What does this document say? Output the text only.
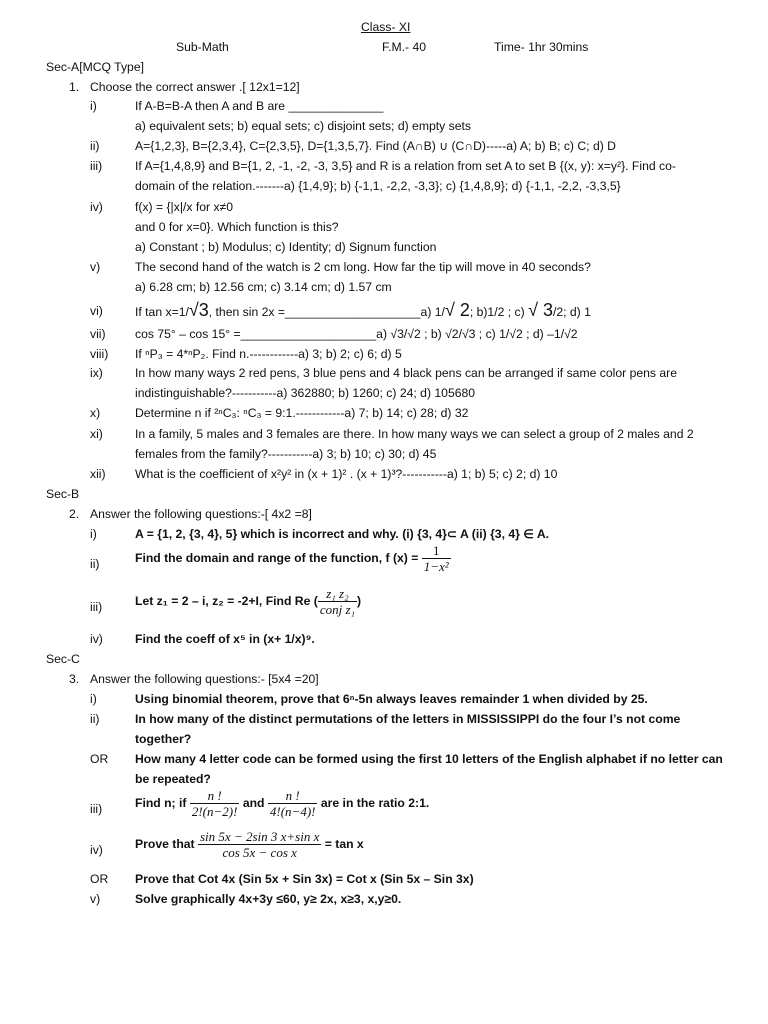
Class- XI
Sub-Math	F.M.- 40	Time- 1hr 30mins
Sec-A[MCQ Type]
1. Choose the correct answer .[ 12x1=12]
i)	If A-B=B-A then A and B are ______________
a) equivalent sets; b) equal sets; c) disjoint sets; d) empty sets
ii)	A={1,2,3}, B={2,3,4}, C={2,3,5}, D={1,3,5,7}. Find (A∩B) ∪ (C∩D)-----a) A; b) B; c) C; d) D
iii)	If A={1,4,8,9} and B={1, 2, -1, -2, -3, 3,5} and R is a relation from set A to set B {(x, y): x=y²}. Find co-
domain of the relation.-------a) {1,4,9}; b) {-1,1, -2,2, -3,3}; c) {1,4,8,9}; d) {-1,1, -2,2, -3,3,5}
iv)	f(x) = {|x|/x for x≠0
and 0 for x=0}. Which function is this?
a) Constant ; b) Modulus; c) Identity; d) Signum function
v)	The second hand of the watch is 2 cm long. How far the tip will move in 40 seconds?
a) 6.28 cm; b) 12.56 cm; c) 3.14 cm; d) 1.57 cm
vi)	If tan x=1/√3, then sin 2x =____________________a) 1/√ 2; b)1/2 ; c) √ 3/2; d) 1
vii) cos 75° – cos 15° =____________________a) √3/√2 ; b) √2/√3 ; c) 1/√2 ; d) –1/√2
viii) If ⁿP₃ = 4*ⁿP₂. Find n.------------a) 3; b) 2; c) 6; d) 5
ix)	In how many ways 2 red pens, 3 blue pens and 4 black pens can be arranged if same color pens are
indistinguishable?-----------a) 362880; b) 1260; c) 24; d) 105680
x)	Determine n if ²ⁿC₃: ⁿC₃ = 9:1.------------a) 7; b) 14; c) 28; d) 32
xi)	In a family, 5 males and 3 females are there. In how many ways we can select a group of 2 males and 2
females from the family?-----------a) 3; b) 10; c) 30; d) 45
xii) What is the coefficient of x²y² in (x + 1)² . (x + 1)³?-----------a) 1; b) 5; c) 2; d) 10
Sec-B
2. Answer the following questions:-[ 4x2 =8]
i)	A = {1, 2, {3, 4}, 5} which is incorrect and why. (i) {3, 4}⊂ A (ii) {3, 4} ∈ A.
ii)	Find the domain and range of the function, f $(x) = \frac{1}{\text{1−x²}}$
iii)	Let z₁ = 2 – i, z₂ = -2+I, Find Re ( $\frac{\text{z₁ z₂}}{\text{conj z₁}}$ )
iv)	Find the coeff of x⁵ in (x+ 1/x)⁹.
Sec-C
3. Answer the following questions:- [5x4 =20]
i)	Using binomial theorem, prove that 6ⁿ-5n always leaves remainder 1 when divided by 25.
ii)	In how many of the distinct permutations of the letters in MISSISSIPPI do the four I’s not come
together?
OR How many 4 letter code can be formed using the first 10 letters of the English alphabet if no letter can
be repeated?
iii)	Find n; if $\frac{n !}{2!(n-2)!}$ and $\frac{n !}{4!(n-4)!}$ are in the ratio 2:1.
iv)	Prove that $\frac{\text{sin 5x − 2sin 3 x+sin x}}{\text{cos 5x − cos x}} = \tan x$
OR Prove that Cot 4x (Sin 5x + Sin 3x) = Cot x (Sin 5x – Sin 3x)
v)	Solve graphically 4x+3y ≤60, y≥ 2x, x≥3, x,y≥0.
